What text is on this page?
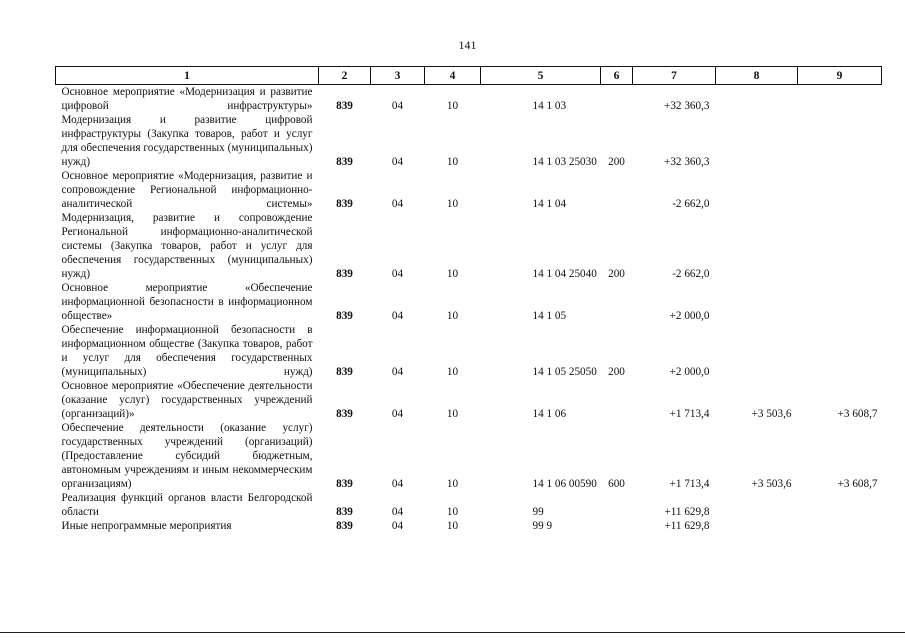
141
1	2	3	4	5	6	7	8	9
Основное мероприятие «Модернизация и развитие цифровой инфраструктуры»	839	04	10	14 1 03		+32 360,3		
Модернизация и развитие цифровой инфраструктуры (Закупка товаров, работ и услуг для обеспечения государственных (муниципальных) нужд)	839	04	10	14 1 03 25030	200	+32 360,3		
Основное мероприятие «Модернизация, развитие и сопровождение Региональной информационно-аналитической системы»	839	04	10	14 1 04		-2 662,0		
Модернизация, развитие и сопровождение Региональной информационно-аналитической системы (Закупка товаров, работ и услуг для обеспечения государственных (муниципальных) нужд)	839	04	10	14 1 04 25040	200	-2 662,0		
Основное мероприятие «Обеспечение информационной безопасности в информационном обществе»	839	04	10	14 1 05		+2 000,0		
Обеспечение информационной безопасности в информационном обществе (Закупка товаров, работ и услуг для обеспечения государственных (муниципальных) нужд)	839	04	10	14 1 05 25050	200	+2 000,0		
Основное мероприятие «Обеспечение деятельности (оказание услуг) государственных учреждений (организаций)»	839	04	10	14 1 06		+1 713,4	+3 503,6	+3 608,7
Обеспечение деятельности (оказание услуг) государственных учреждений (организаций) (Предоставление субсидий бюджетным, автономным учреждениям и иным некоммерческим организациям)	839	04	10	14 1 06 00590	600	+1 713,4	+3 503,6	+3 608,7
Реализация функций органов власти Белгородской области	839	04	10	99		+11 629,8		
Иные непрограммные мероприятия	839	04	10	99 9		+11 629,8		
